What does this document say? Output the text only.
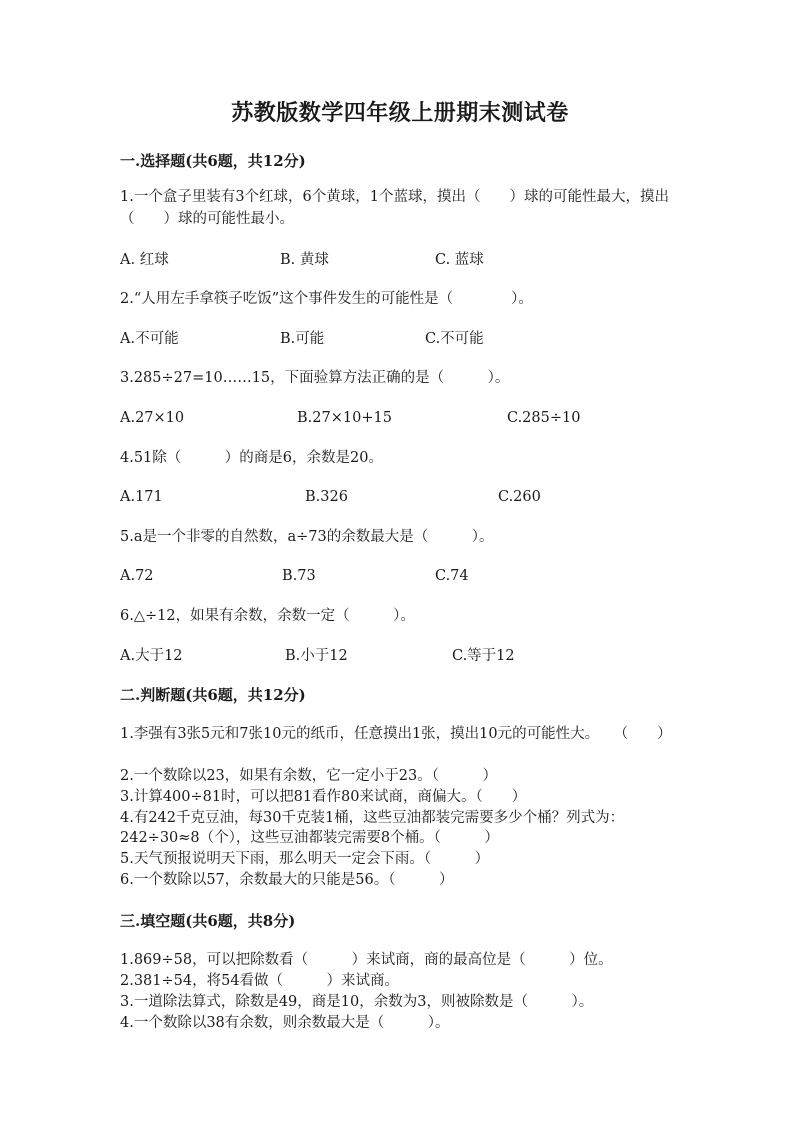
苏教版数学四年级上册期末测试卷
一.选择题(共6题，共12分)
1.一个盒子里装有3个红球，6个黄球，1个蓝球，摸出（　　）球的可能性最大，摸出（　　）球的可能性最小。
A. 红球	B. 黄球	C. 蓝球
2.“人用左手拿筷子吃饭”这个事件发生的可能性是（　　　　）。
A.不可能	B.可能	C.不可能
3.285÷27=10……15，下面验算方法正确的是（　　　）。
A.27×10	B.27×10+15	C.285÷10
4.51除（　　　）的商是6，余数是20。
A.171	B.326	C.260
5.a是一个非零的自然数，a÷73的余数最大是（　　　）。
A.72	B.73	C.74
6.△÷12，如果有余数，余数一定（　　　）。
A.大于12	B.小于12	C.等于12
二.判断题(共6题，共12分)
1.李强有3张5元和7张10元的纸币，任意摸出1张，摸出10元的可能性大。　　（　　）
2.一个数除以23，如果有余数，它一定小于23。（　　　）
3.计算400÷81时，可以把81看作80来试商，商偏大。（　　）
4.有242千克豆油，每30千克装1桶，这些豆油都装完需要多少个桶？列式为：242÷30≈8（个），这些豆油都装完需要8个桶。（　　　）
5.天气预报说明天下雨，那么明天一定会下雨。（　　　）
6.一个数除以57，余数最大的只能是56。（　　　）
三.填空题(共6题，共8分)
1.869÷58，可以把除数看（　　　）来试商，商的最高位是（　　　）位。
2.381÷54，将54看做（　　　）来试商。
3.一道除法算式，除数是49，商是10，余数为3，则被除数是（　　　）。
4.一个数除以38有余数，则余数最大是（　　　）。
